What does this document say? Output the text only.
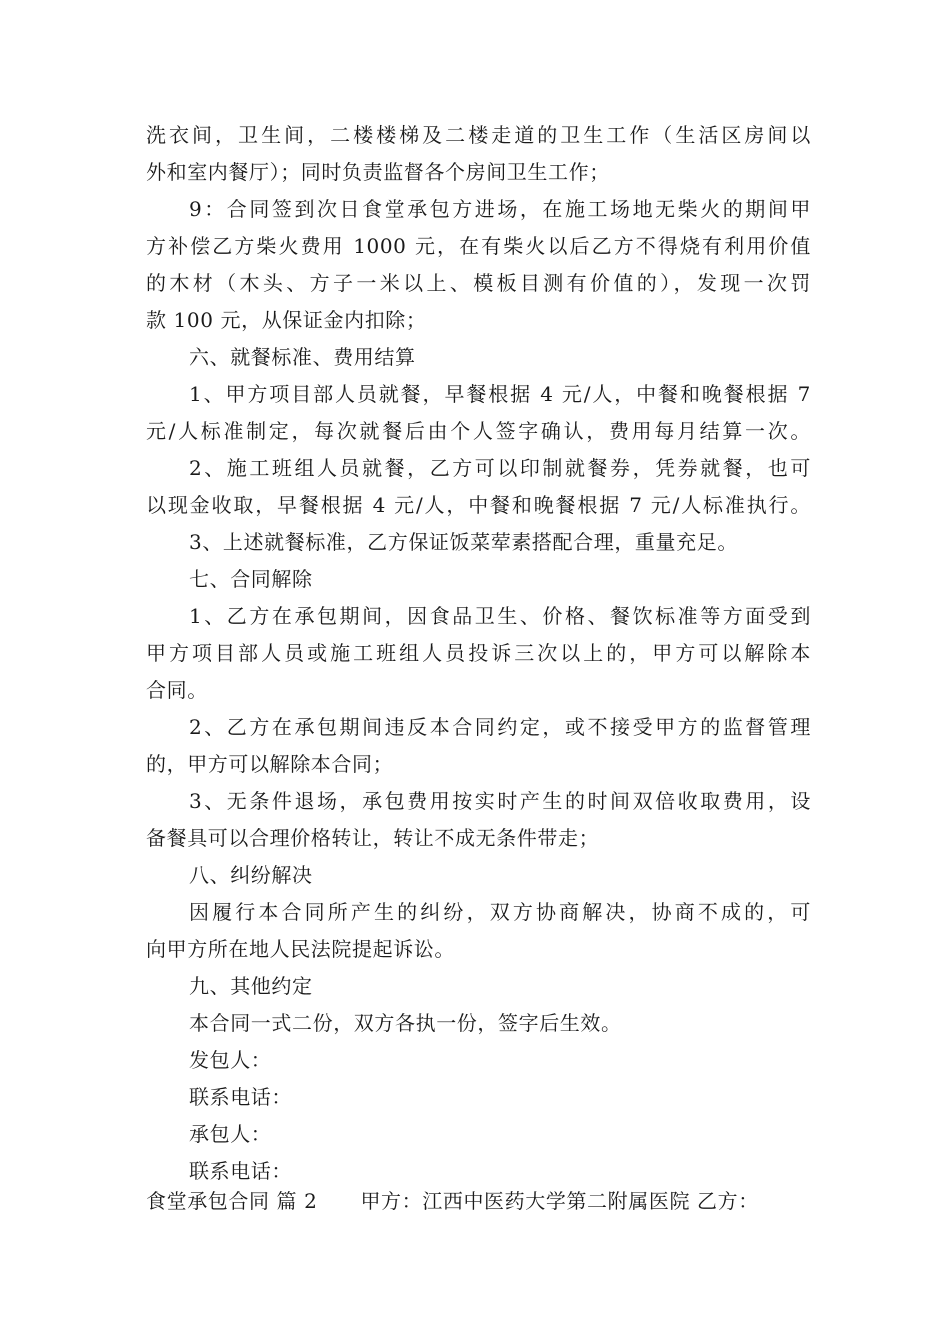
洗衣间，卫生间，二楼楼梯及二楼走道的卫生工作（生活区房间以
外和室内餐厅）；同时负责监督各个房间卫生工作；
9：合同签到次日食堂承包方进场，在施工场地无柴火的期间甲
方补偿乙方柴火费用 1000 元，在有柴火以后乙方不得烧有利用价值
的木材（木头、方子一米以上、模板目测有价值的），发现一次罚
款 100 元，从保证金内扣除；
六、就餐标准、费用结算
1、甲方项目部人员就餐，早餐根据 4 元/人，中餐和晚餐根据 7
元/人标准制定，每次就餐后由个人签字确认，费用每月结算一次。
2、施工班组人员就餐，乙方可以印制就餐券，凭券就餐，也可
以现金收取，早餐根据 4 元/人，中餐和晚餐根据 7 元/人标准执行。
3、上述就餐标准，乙方保证饭菜荤素搭配合理，重量充足。
七、合同解除
1、乙方在承包期间，因食品卫生、价格、餐饮标准等方面受到
甲方项目部人员或施工班组人员投诉三次以上的，甲方可以解除本
合同。
2、乙方在承包期间违反本合同约定，或不接受甲方的监督管理
的，甲方可以解除本合同；
3、无条件退场，承包费用按实时产生的时间双倍收取费用，设
备餐具可以合理价格转让，转让不成无条件带走；
八、纠纷解决
因履行本合同所产生的纠纷，双方协商解决，协商不成的，可
向甲方所在地人民法院提起诉讼。
九、其他约定
本合同一式二份，双方各执一份，签字后生效。
发包人：
联系电话：
承包人：
联系电话：
食堂承包合同 篇 2 甲方：江西中医药大学第二附属医院 乙方：
